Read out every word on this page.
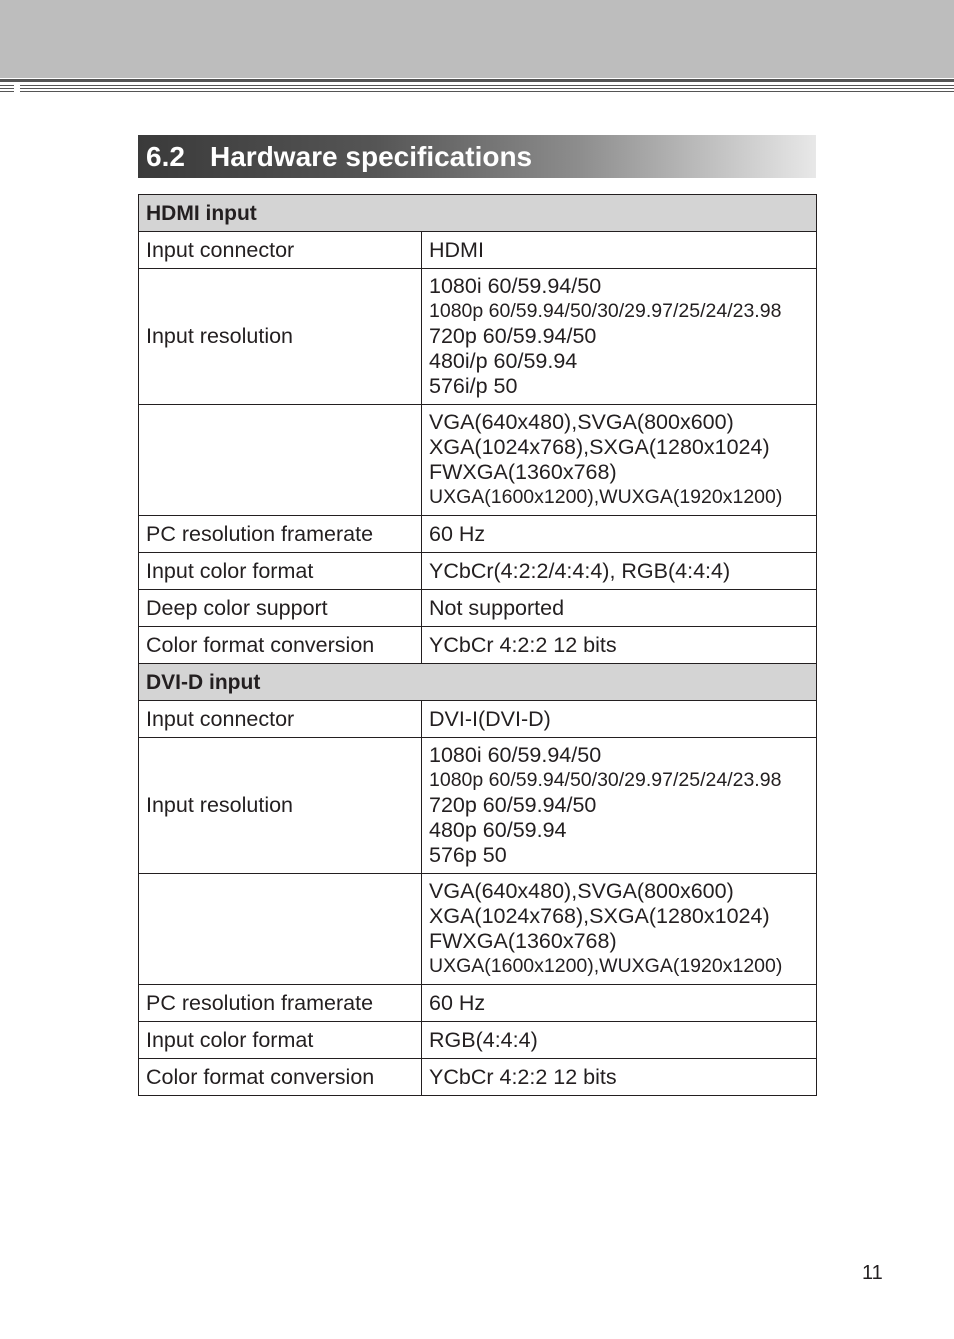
6.2 Hardware specifications
HDMI input	
Input connector	HDMI

Input resolution	1080i 60/59.94/50
1080p 60/59.94/50/30/29.97/25/24/23.98
720p 60/59.94/50
480i/p 60/59.94
576i/p 50

	VGA(640x480),SVGA(800x600)
XGA(1024x768),SXGA(1280x1024)
FWXGA(1360x768)
UXGA(1600x1200),WUXGA(1920x1200)

PC resolution framerate	60 Hz

Input color format	YCbCr(4:2:2/4:4:4), RGB(4:4:4)

Deep color support	Not supported

Color format conversion	YCbCr 4:2:2 12 bits

DVI-D input	
Input connector	DVI-I(DVI-D)

Input resolution	1080i 60/59.94/50
1080p 60/59.94/50/30/29.97/25/24/23.98
720p 60/59.94/50
480p 60/59.94
576p 50

	VGA(640x480),SVGA(800x600)
XGA(1024x768),SXGA(1280x1024)
FWXGA(1360x768)
UXGA(1600x1200),WUXGA(1920x1200)

PC resolution framerate	60 Hz

Input color format	RGB(4:4:4)

Color format conversion	YCbCr 4:2:2 12 bits
11
